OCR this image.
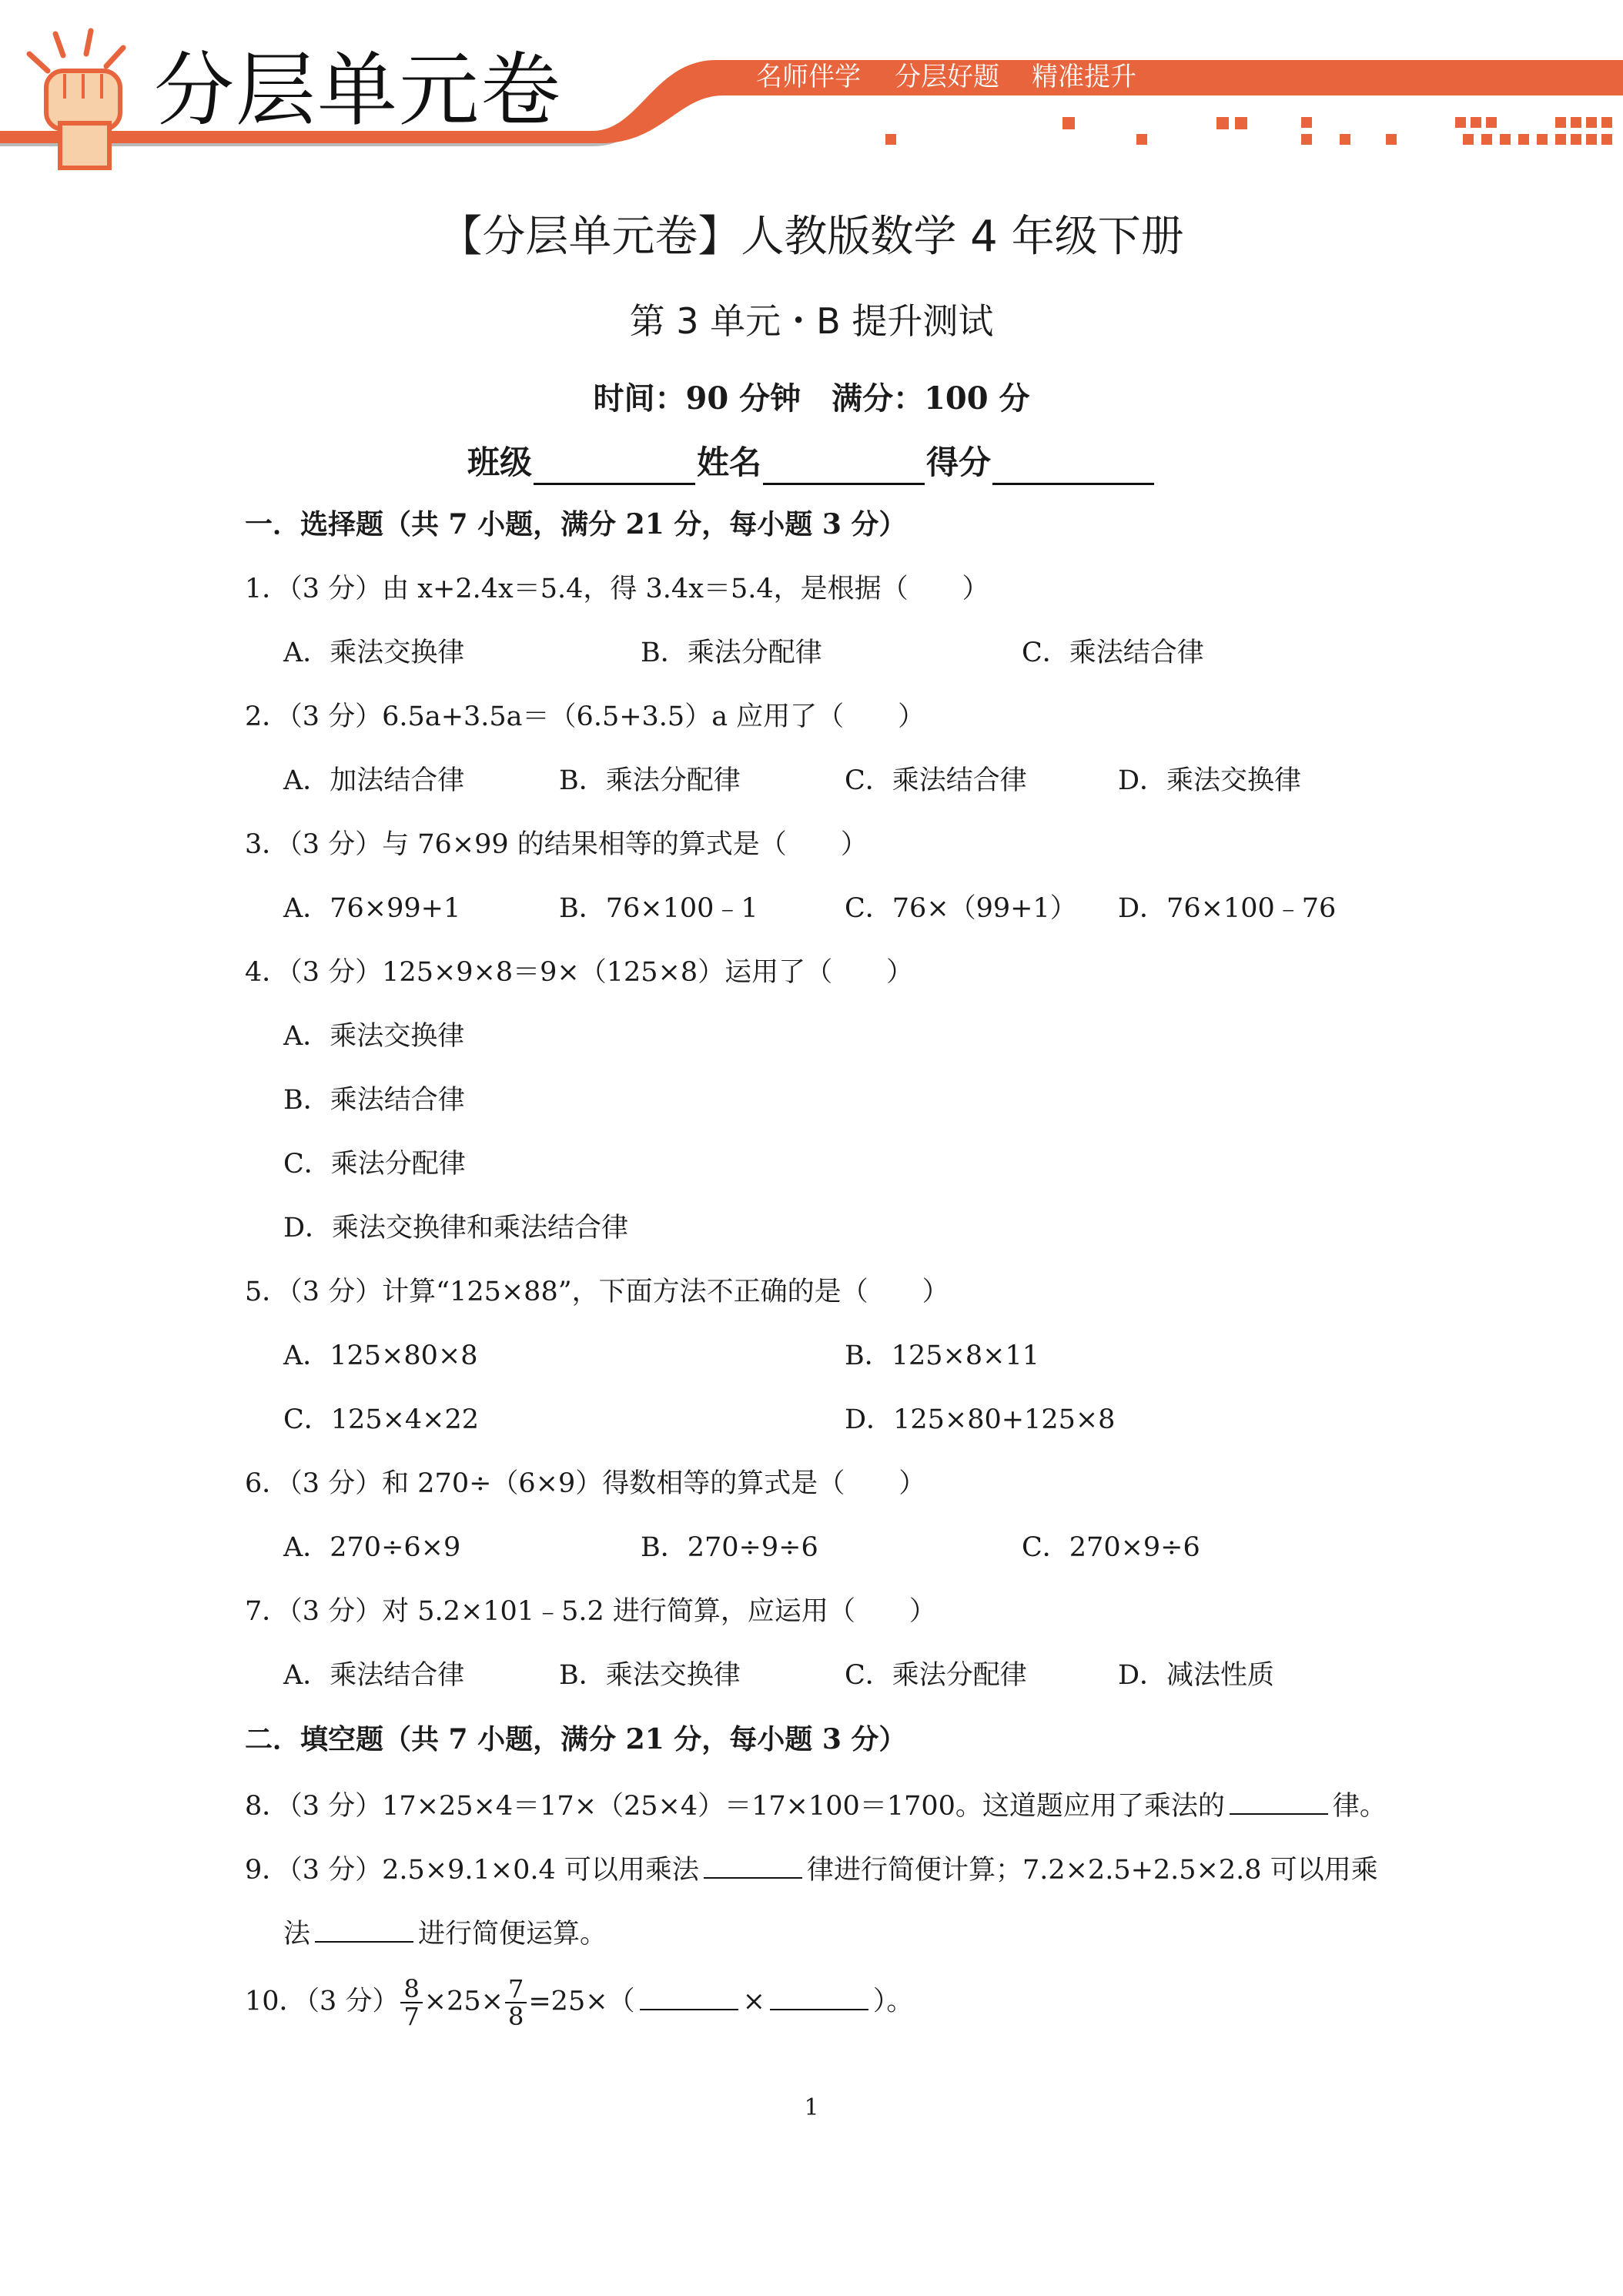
分层单元卷	名师伴学 分层好题 精准提升
【分层单元卷】人教版数学 4 年级下册
第 3 单元・B 提升测试
时间：90 分钟　满分：100 分
班级	姓名	得分
一．选择题（共 7 小题，满分 21 分，每小题 3 分）
1．（3 分）由 x+2.4x＝5.4，得 3.4x＝5.4，是根据（　　）
A．乘法交换律	B．乘法分配律	C．乘法结合律
2．（3 分）6.5a+3.5a＝（6.5+3.5）a 应用了（　　）
A．加法结合律	B．乘法分配律	C．乘法结合律	D．乘法交换律
3．（3 分）与 76×99 的结果相等的算式是（　　）
A．76×99+1	B．76×100﹣1	C．76×（99+1） D．76×100﹣76
4．（3 分）125×9×8＝9×（125×8）运用了（　　）
A．乘法交换律
B．乘法结合律
C．乘法分配律
D．乘法交换律和乘法结合律
5．（3 分）计算“125×88”，下面方法不正确的是（　　）
A．125×80×8	B．125×8×11
C．125×4×22	D．125×80+125×8
6．（3 分）和 270÷（6×9）得数相等的算式是（　　）
A．270÷6×9	B．270÷9÷6	C．270×9÷6
7．（3 分）对 5.2×101﹣5.2 进行简算，应运用（　　）
A．乘法结合律	B．乘法交换律	C．乘法分配律	D．减法性质
二．填空题（共 7 小题，满分 21 分，每小题 3 分）
8．（3 分）17×25×4＝17×（25×4）＝17×100＝1700。这道题应用了乘法的	律。
9．（3 分）2.5×9.1×0.4 可以用乘法	律进行简便计算；7.2×2.5+2.5×2.8 可以用乘
法	进行简便运算。
10．（3 分） $\frac{8}{7} \times 25\times \frac{7}{8} =25\times$（	×	）。
1
